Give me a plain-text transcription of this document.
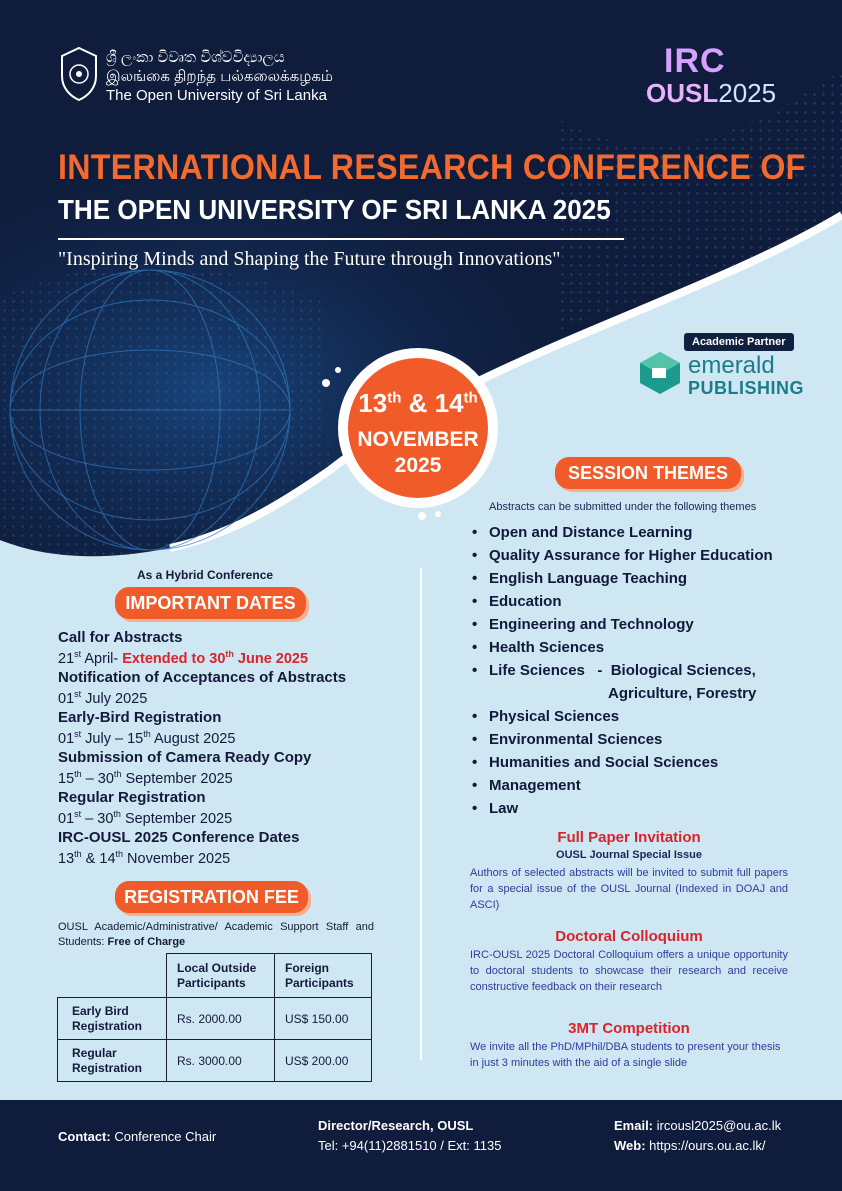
ශ්‍රී ලංකා විවෘත විශ්වවිද්‍යාලය
இலங்கை திறந்த பல்கலைக்கழகம்
The Open University of Sri Lanka
IRC
OUSL2025
INTERNATIONAL RESEARCH CONFERENCE OF
THE OPEN UNIVERSITY OF SRI LANKA 2025
"Inspiring Minds and Shaping the Future through Innovations"
13th & 14th
NOVEMBER
2025
Academic Partner
emerald
PUBLISHING
SESSION THEMES
Abstracts can be submitted under the following themes
• Open and Distance Learning
• Quality Assurance for Higher Education
• English Language Teaching
• Education
• Engineering and Technology
• Health Sciences
• Life Sciences   -  Biological Sciences,
Agriculture, Forestry
• Physical Sciences
• Environmental Sciences
• Humanities and Social Sciences
• Management
• Law
Full Paper Invitation
OUSL Journal Special Issue
Authors of selected abstracts will be invited to submit full papers for a special issue of the OUSL Journal (Indexed in DOAJ and ASCI)
Doctoral Colloquium
IRC-OUSL 2025 Doctoral Colloquium offers a unique opportunity to doctoral students to showcase their research and receive constructive feedback on their research
3MT Competition
We invite all the PhD/MPhil/DBA students to present your thesis in just 3 minutes with the aid of a single slide
As a Hybrid Conference
IMPORTANT DATES
Call for Abstracts
21st April- Extended to 30th June 2025
Notification of Acceptances of Abstracts
01st July 2025
Early-Bird Registration
01st July – 15th August 2025
Submission of Camera Ready Copy
15th – 30th September 2025
Regular Registration
01st – 30th September 2025
IRC-OUSL 2025 Conference Dates
13th & 14th November 2025
REGISTRATION FEE
OUSL Academic/Administrative/ Academic Support Staff and Students: Free of Charge
	Local Outside Participants	Foreign Participants
Early Bird Registration	Rs. 2000.00	US$ 150.00
Regular Registration	Rs. 3000.00	US$ 200.00
Contact: Conference Chair
Director/Research, OUSL
Tel: +94(11)2881510 / Ext: 1135
Email: ircousl2025@ou.ac.lk
Web: https://ours.ou.ac.lk/
